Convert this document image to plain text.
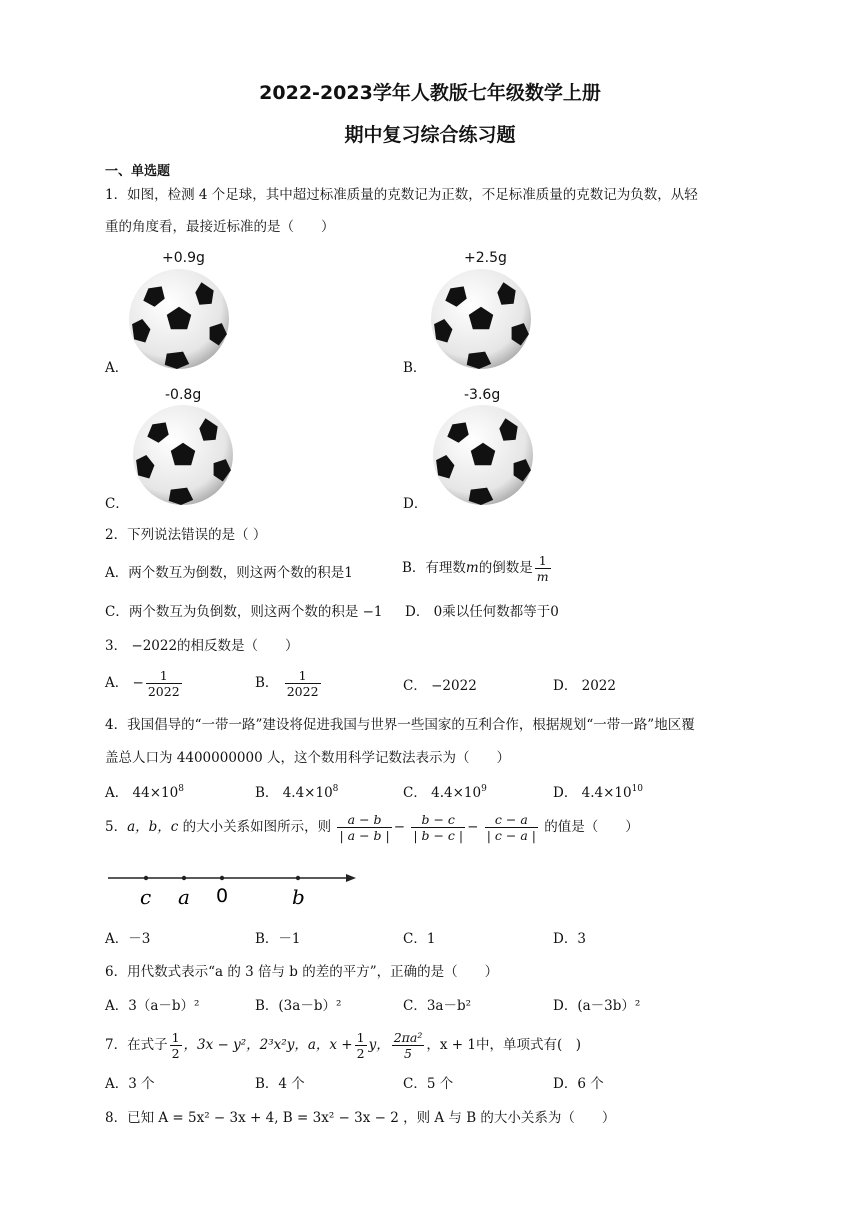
2022-2023学年人教版七年级数学上册
期中复习综合练习题
一、单选题
1．如图，检测 4 个足球，其中超过标准质量的克数记为正数，不足标准质量的克数记为负数，从轻
重的角度看，最接近标准的是（　　）
+0.9g
A．
+2.5g
B．
-0.8g
C．
-3.6g
D．
2．下列说法错误的是（ ）
A．两个数互为倒数，则这两个数的积是1	B．有理数m的倒数是 $\frac{1}{m}$
C．两个数互为负倒数，则这两个数的积是 −1 D． 0乘以任何数都等于0
3． −2022的相反数是（　　）
A． − $\frac{1}{2022}$	B． $\frac{1}{2022}$	C． −2022	D． 2022
4．我国倡导的“一带一路”建设将促进我国与世界一些国家的互利合作，根据规划“一带一路”地区覆
盖总人口为 4400000000 人，这个数用科学记数法表示为（　　）
A． $44\times 10^8$	B． $4.4\times 10^8$	C． $4.4\times 10^9$	D． $4.4\times 10^{10}$
5．a，b，c 的大小关系如图所示，则 $\frac{a - b}{| a - b |} - \frac{b - c}{| b - c |} - \frac{c - a}{| c - a |}$ 的值是（　　）
c a 0	b
A．－3	B．－1	C．1	D．3
6．用代数式表示“a 的 3 倍与 b 的差的平方”，正确的是（　　）
A．3（a－b）²	B．(3a－b）²	C．3a－b²	D．(a－3b）²
7．在式子 $\frac{1}{2}$ ，3x − y²，2³x²y，a，$x + \frac{1}{2}$ y， $\frac{\text{2πa²}}{5}$ ，x + 1中，单项式有(　)
A．3 个	B．4 个	C．5 个	D．6 个
8．已知 A = 5x² − 3x + 4, B = 3x² − 3x − 2 ，则 A 与 B 的大小关系为（　　）
